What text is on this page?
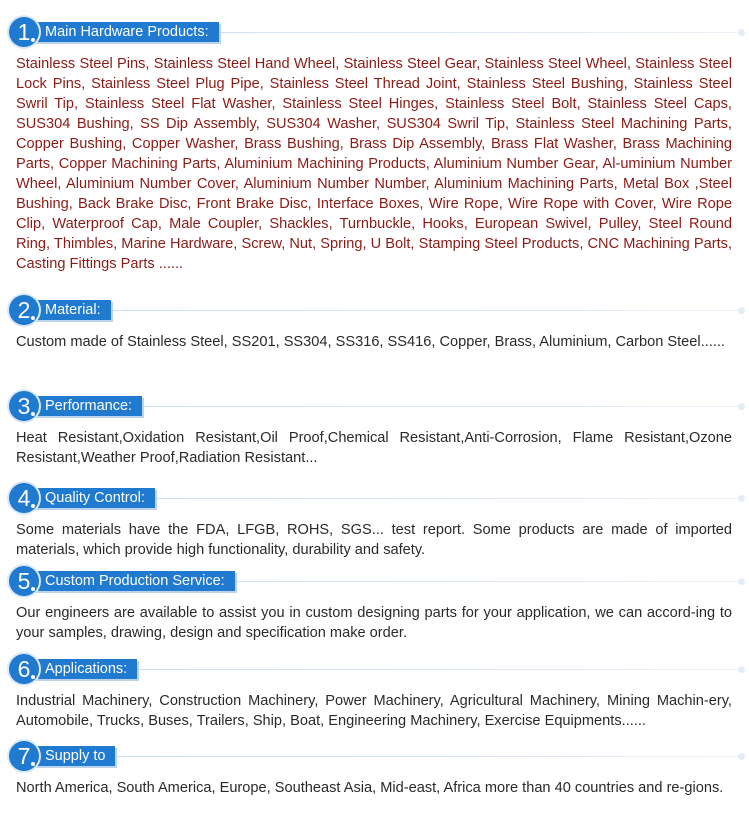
1	Main Hardware Products:
Stainless Steel Pins, Stainless Steel Hand Wheel, Stainless Steel Gear, Stainless Steel Wheel, Stainless Steel Lock Pins, Stainless Steel Plug Pipe, Stainless Steel Thread Joint, Stainless Steel Bushing, Stainless Steel Swril Tip, Stainless Steel Flat Washer, Stainless Steel Hinges, Stainless Steel Bolt, Stainless Steel Caps, SUS304 Bushing, SS Dip Assembly, SUS304 Washer, SUS304 Swril Tip, Stainless Steel Machining Parts, Copper Bushing, Copper Washer, Brass Bushing, Brass Dip Assembly, Brass Flat Washer, Brass Machining Parts, Copper Machining Parts, Aluminium Machining Products, Aluminium Number Gear, Al-uminium Number Wheel, Aluminium Number Cover, Aluminium Number Number, Aluminium Machining Parts, Metal Box ,Steel Bushing, Back Brake Disc, Front Brake Disc, Interface Boxes, Wire Rope, Wire Rope with Cover, Wire Rope Clip, Waterproof Cap, Male Coupler, Shackles, Turnbuckle, Hooks, European Swivel, Pulley, Steel Round Ring, Thimbles, Marine Hardware, Screw, Nut, Spring, U Bolt, Stamping Steel Products, CNC Machining Parts, Casting Fittings Parts ......
2	Material:
Custom made of Stainless Steel, SS201, SS304, SS316, SS416, Copper, Brass, Aluminium, Carbon Steel......
3	Performance:
Heat Resistant,Oxidation Resistant,Oil Proof,Chemical Resistant,Anti-Corrosion, Flame Resistant,Ozone Resistant,Weather Proof,Radiation Resistant...
4	Quality Control:
Some materials have the FDA, LFGB, ROHS, SGS... test report. Some products are made of imported materials, which provide high functionality, durability and safety.
5	Custom Production Service:
Our engineers are available to assist you in custom designing parts for your application, we can accord-ing to your samples, drawing, design and specification make order.
6	Applications:
Industrial Machinery, Construction Machinery, Power Machinery, Agricultural Machinery, Mining Machin-ery, Automobile, Trucks, Buses, Trailers, Ship, Boat, Engineering Machinery, Exercise Equipments......
7	Supply to
North America, South America, Europe, Southeast Asia, Mid-east, Africa more than 40 countries and re-gions.
